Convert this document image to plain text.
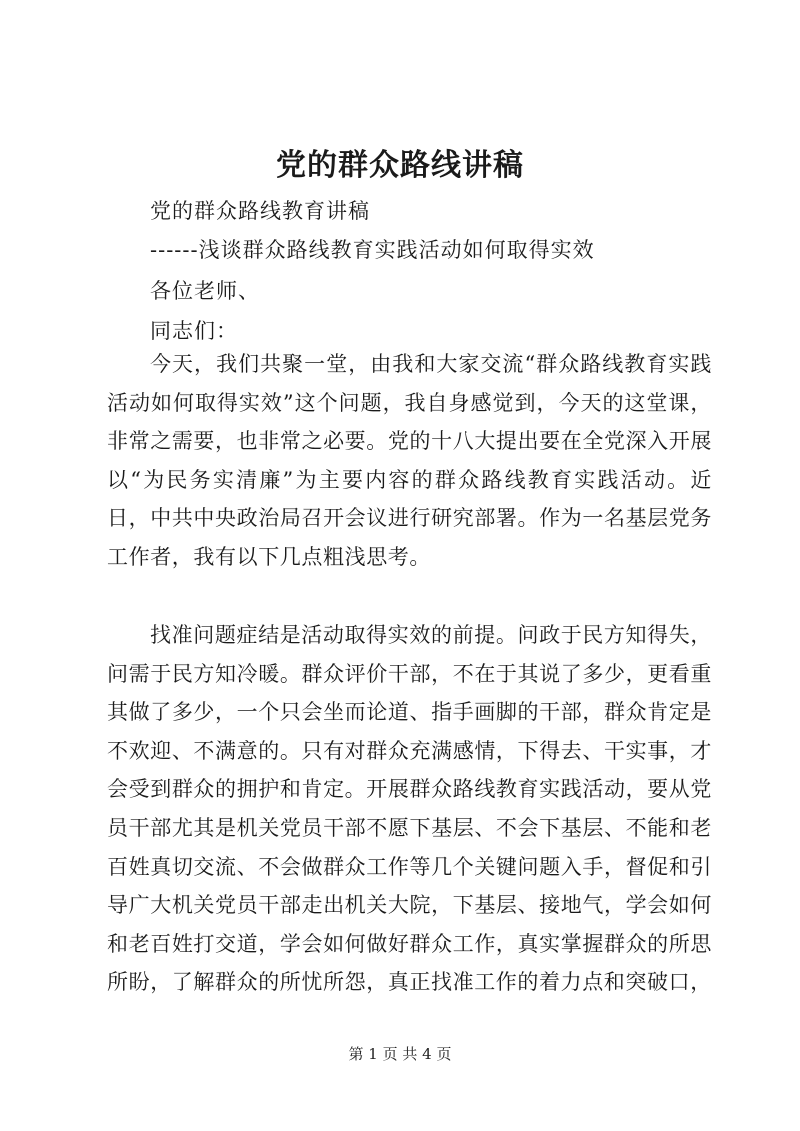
党的群众路线讲稿
党的群众路线教育讲稿
------浅谈群众路线教育实践活动如何取得实效
各位老师、
同志们：
今天，我们共聚一堂，由我和大家交流“群众路线教育实践活动如何取得实效”这个问题，我自身感觉到，今天的这堂课，非常之需要，也非常之必要。党的十八大提出要在全党深入开展以“为民务实清廉”为主要内容的群众路线教育实践活动。近日，中共中央政治局召开会议进行研究部署。作为一名基层党务工作者，我有以下几点粗浅思考。
找准问题症结是活动取得实效的前提。问政于民方知得失，问需于民方知冷暖。群众评价干部，不在于其说了多少，更看重其做了多少，一个只会坐而论道、指手画脚的干部，群众肯定是不欢迎、不满意的。只有对群众充满感情，下得去、干实事，才会受到群众的拥护和肯定。开展群众路线教育实践活动，要从党员干部尤其是机关党员干部不愿下基层、不会下基层、不能和老百姓真切交流、不会做群众工作等几个关键问题入手，督促和引导广大机关党员干部走出机关大院，下基层、接地气，学会如何和老百姓打交道，学会如何做好群众工作，真实掌握群众的所思所盼，了解群众的所忧所怨，真正找准工作的着力点和突破口，
第 1 页 共 4 页
